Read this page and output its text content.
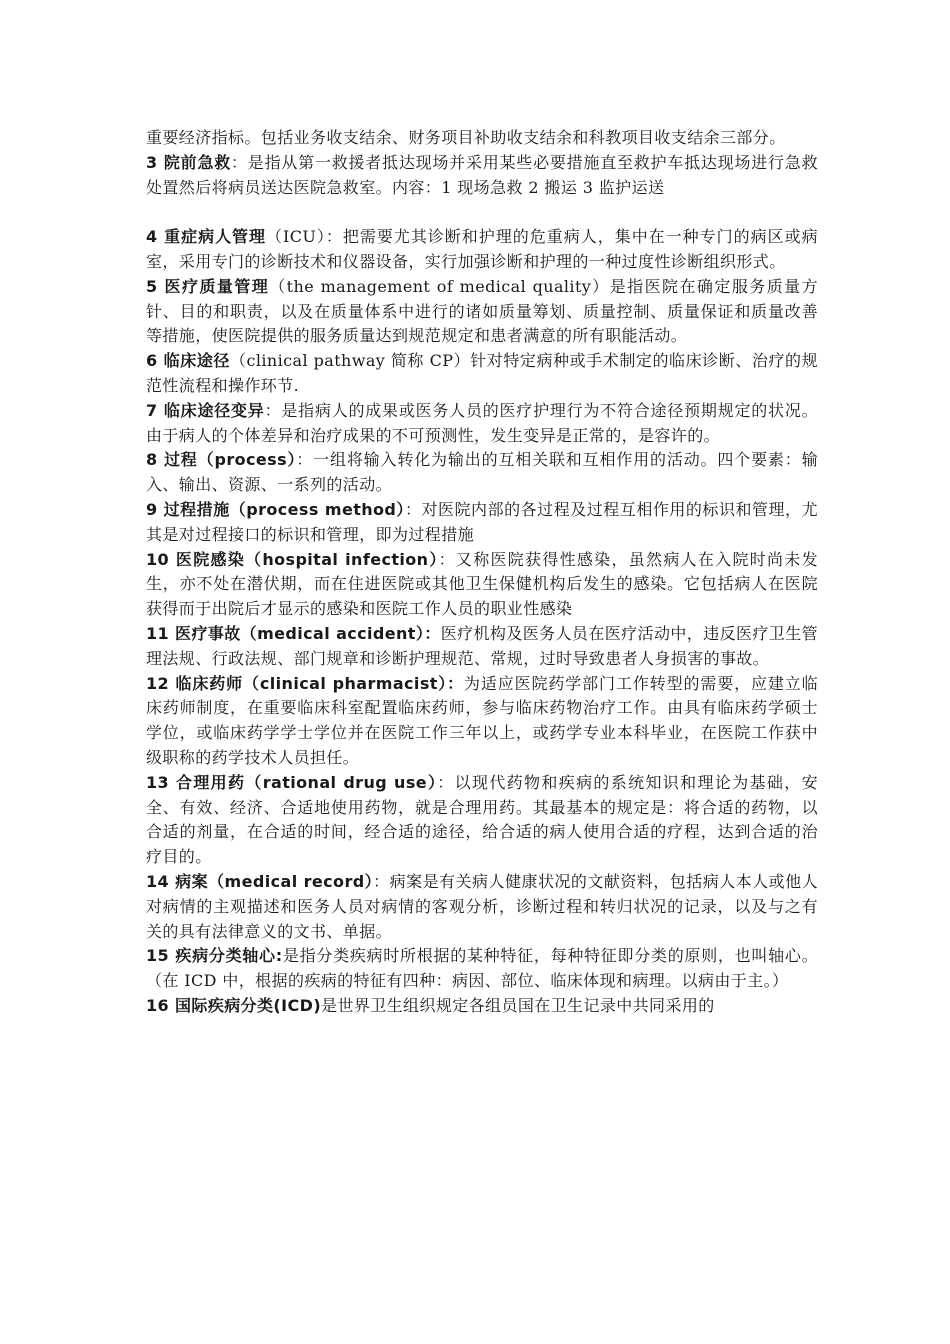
重要经济指标。包括业务收支结余、财务项目补助收支结余和科教项目收支结余三部分。

3 院前急救：是指从第一救援者抵达现场并采用某些必要措施直至救护车抵达现场进行急救处置然后将病员送达医院急救室。内容：1 现场急救 2 搬运 3 监护运送

4 重症病人管理（ICU）：把需要尤其诊断和护理的危重病人，集中在一种专门的病区或病室，采用专门的诊断技术和仪器设备，实行加强诊断和护理的一种过度性诊断组织形式。

5 医疗质量管理（the management of medical quality）是指医院在确定服务质量方针、目的和职责，以及在质量体系中进行的诸如质量筹划、质量控制、质量保证和质量改善等措施，使医院提供的服务质量达到规范规定和患者满意的所有职能活动。

6 临床途径（clinical pathway 简称 CP）针对特定病种或手术制定的临床诊断、治疗的规范性流程和操作环节.

7 临床途径变异：是指病人的成果或医务人员的医疗护理行为不符合途径预期规定的状况。由于病人的个体差异和治疗成果的不可预测性，发生变异是正常的，是容许的。

8 过程（process）：一组将输入转化为输出的互相关联和互相作用的活动。四个要素：输入、输出、资源、一系列的活动。

9 过程措施（process method）：对医院内部的各过程及过程互相作用的标识和管理，尤其是对过程接口的标识和管理，即为过程措施

10 医院感染（hospital infection）：又称医院获得性感染，虽然病人在入院时尚未发生，亦不处在潜伏期，而在住进医院或其他卫生保健机构后发生的感染。它包括病人在医院获得而于出院后才显示的感染和医院工作人员的职业性感染

11 医疗事故（medical accident）：医疗机构及医务人员在医疗活动中，违反医疗卫生管理法规、行政法规、部门规章和诊断护理规范、常规，过时导致患者人身损害的事故。

12 临床药师（clinical pharmacist）：为适应医院药学部门工作转型的需要，应建立临床药师制度，在重要临床科室配置临床药师，参与临床药物治疗工作。由具有临床药学硕士学位，或临床药学学士学位并在医院工作三年以上，或药学专业本科毕业，在医院工作获中级职称的药学技术人员担任。

13 合理用药（rational drug use）：以现代药物和疾病的系统知识和理论为基础，安全、有效、经济、合适地使用药物，就是合理用药。其最基本的规定是：将合适的药物，以合适的剂量，在合适的时间，经合适的途径，给合适的病人使用合适的疗程，达到合适的治疗目的。

14 病案（medical record）：病案是有关病人健康状况的文献资料，包括病人本人或他人对病情的主观描述和医务人员对病情的客观分析，诊断过程和转归状况的记录，以及与之有关的具有法律意义的文书、单据。

15 疾病分类轴心:是指分类疾病时所根据的某种特征，每种特征即分类的原则，也叫轴心。（在 ICD 中，根据的疾病的特征有四种：病因、部位、临床体现和病理。以病由于主。）

16 国际疾病分类(ICD)是世界卫生组织规定各组员国在卫生记录中共同采用的
